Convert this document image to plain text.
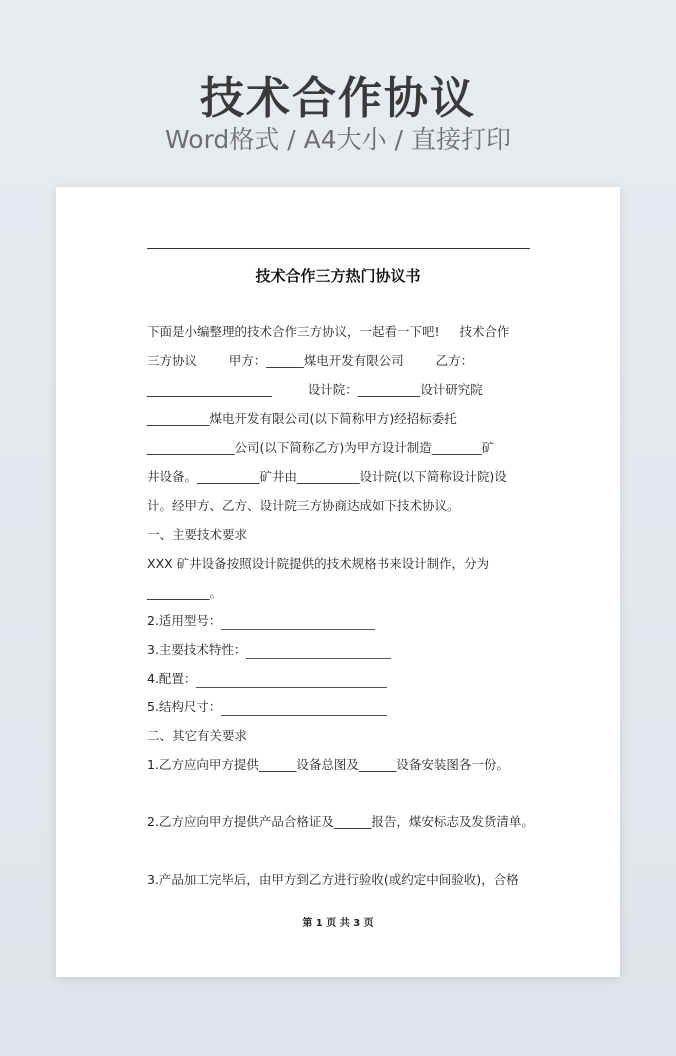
技术合作协议
Word格式 / A4大小 / 直接打印
技术合作三方热门协议书
下面是小编整理的技术合作三方协议，一起看一下吧!     技术合作
三方协议        甲方：______煤电开发有限公司        乙方：
____________________         设计院：__________设计研究院
__________煤电开发有限公司(以下简称甲方)经招标委托
______________公司(以下简称乙方)为甲方设计制造________矿
井设备。__________矿井由__________设计院(以下简称设计院)设
计。经甲方、乙方、设计院三方协商达成如下技术协议。
一、主要技术要求
XXX 矿井设备按照设计院提供的技术规格书来设计制作，分为
__________。
2.适用型号：
3.主要技术特性：
4.配置：
5.结构尺寸：
二、其它有关要求
1.乙方应向甲方提供______设备总图及______设备安装图各一份。
2.乙方应向甲方提供产品合格证及______报告，煤安标志及发货清单。
3.产品加工完毕后，由甲方到乙方进行验收(或约定中间验收)，合格
第 1 页 共 3 页
